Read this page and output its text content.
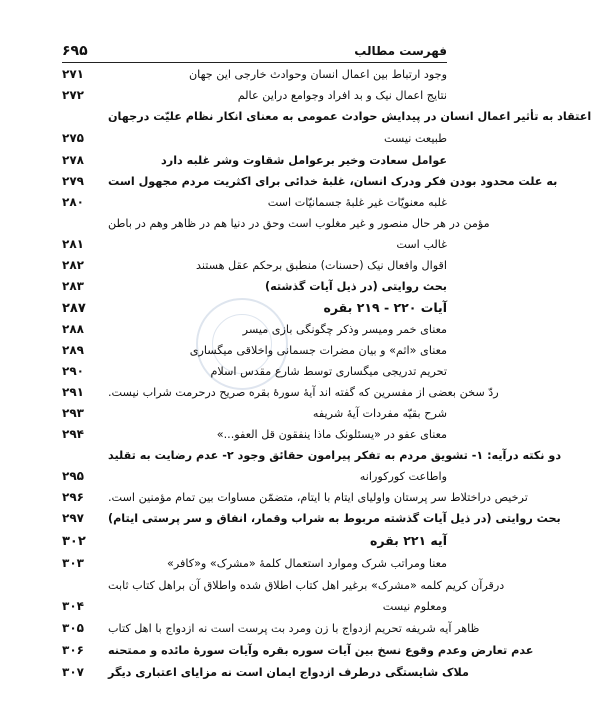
۶۹۵	فهرست مطالب
۲۷۱	وجود ارتباط بین اعمال انسان وحوادث خارجی این جهان
۲۷۲	نتایج اعمال نیک و بد افراد وجوامع دراین عالم
اعتقاد به تأثیر اعمال انسان در پیدایش حوادث عمومی به معنای انکار نظام علیّت درجهان
۲۷۵	طبیعت نیست
۲۷۸	عوامل سعادت وخیر برعوامل شقاوت وشر غلبه دارد
۲۷۹	به علت محدود بودن فکر ودرک انسان، غلبهٔ خدائی برای اکثریت مردم مجهول است
۲۸۰	غلبه معنویّات غیر غلبهٔ جسمانیّات است
مؤمن در هر حال منصور و غیر مغلوب است وحق در دنیا هم در ظاهر وهم در باطن
۲۸۱	غالب است
۲۸۲	اقوال وافعال نیک (حسنات) منطبق برحکم عقل هستند
۲۸۳	بحث روایتی (در ذیل آیات گذشته)
۲۸۷	آیات ۲۲۰ - ۲۱۹ بقره
۲۸۸	معنای خمر ومیسر وذکر چگونگی بازی میسر
۲۸۹	معنای «اثم» و بیان مضرات جسمانی واخلاقی میگساری
۲۹۰	تحریم تدریجی میگساری توسط شارع مقدس اسلام
۲۹۱	ردّ سخن بعضی از مفسرین که گفته اند آیهٔ سورهٔ بقره صریح درحرمت شراب نیست.
۲۹۳	شرح بقیّه مفردات آیهٔ شریفه
۲۹۴	معنای عفو در «یسئلونک ماذا ینفقون قل العفو...»
دو نکته درآیه: ۱- تشویق مردم به تفکر پیرامون حقائق وجود ۲- عدم رضایت به تقلید
۲۹۵	واطاعت کورکورانه
۲۹۶	ترخیص دراختلاط سر پرستان واولیای ایتام با ایتام، متضمّن مساوات بین تمام مؤمنین است.
۲۹۷	بحث روایتی (در ذیل آیات گذشته مربوط به شراب وقمار، انفاق و سر پرستی ایتام)
۳۰۲	آیه ۲۲۱ بقره
۳۰۳	معنا ومراتب شرک وموارد استعمال کلمهٔ «مشرک» و«کافر»
درقرآن کریم کلمه «مشرک» برغیر اهل کتاب اطلاق شده واطلاق آن براهل کتاب ثابت
۳۰۴	ومعلوم نیست
۳۰۵	ظاهر آیه شریفه تحریم ازدواج با زن ومرد بت پرست است نه ازدواج با اهل کتاب
۳۰۶	عدم تعارض وعدم وقوع نسخ بین آیات سوره بقره وآیات سورهٔ مائده و ممتحنه
۳۰۷	ملاک شایستگی درطرف ازدواج ایمان است نه مزایای اعتباری دیگر
